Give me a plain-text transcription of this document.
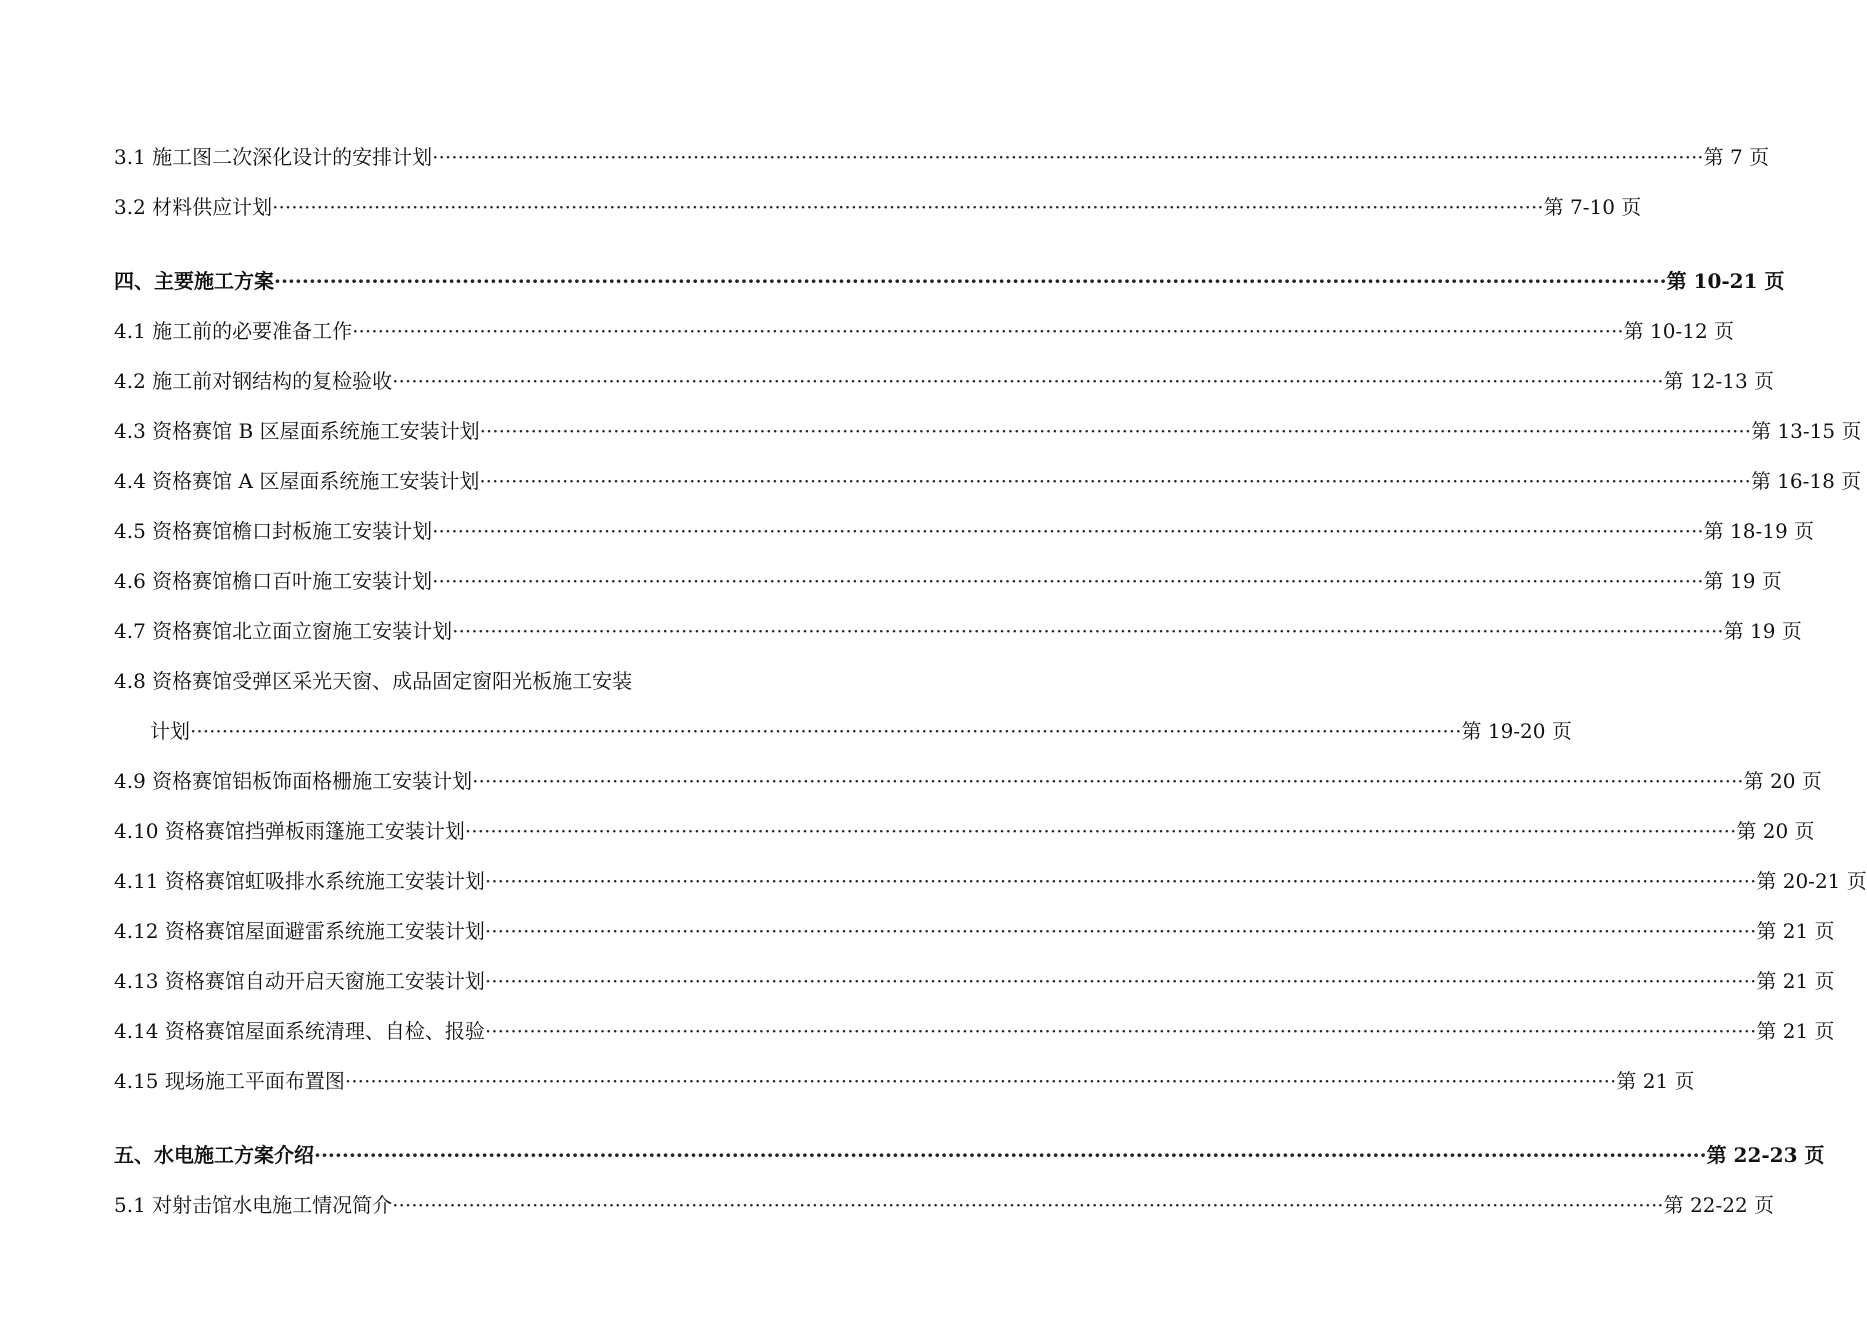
3.1 施工图二次深化设计的安排计划 ········································································································································································································ 第 7 页
3.2 材料供应计划 ········································································································································································································ 第 7-10 页
四、主要施工方案 ········································································································································································································ 第 10-21 页
4.1 施工前的必要准备工作 ········································································································································································································ 第 10-12 页
4.2 施工前对钢结构的复检验收 ········································································································································································································ 第 12-13 页
4.3 资格赛馆 B 区屋面系统施工安装计划 ········································································································································································································ 第 13-15 页
4.4 资格赛馆 A 区屋面系统施工安装计划 ········································································································································································································ 第 16-18 页
4.5 资格赛馆檐口封板施工安装计划 ········································································································································································································ 第 18-19 页
4.6 资格赛馆檐口百叶施工安装计划 ········································································································································································································ 第 19 页
4.7 资格赛馆北立面立窗施工安装计划 ········································································································································································································ 第 19 页
4.8 资格赛馆受弹区采光天窗、成品固定窗阳光板施工安装
计划 ········································································································································································································ 第 19-20 页
4.9 资格赛馆铝板饰面格栅施工安装计划 ········································································································································································································ 第 20 页
4.10 资格赛馆挡弹板雨篷施工安装计划 ········································································································································································································ 第 20 页
4.11 资格赛馆虹吸排水系统施工安装计划 ········································································································································································································ 第 20-21 页
4.12 资格赛馆屋面避雷系统施工安装计划 ········································································································································································································ 第 21 页
4.13 资格赛馆自动开启天窗施工安装计划 ········································································································································································································ 第 21 页
4.14 资格赛馆屋面系统清理、自检、报验 ········································································································································································································ 第 21 页
4.15 现场施工平面布置图 ········································································································································································································ 第 21 页
五、水电施工方案介绍 ········································································································································································································ 第 22-23 页
5.1 对射击馆水电施工情况简介 ········································································································································································································ 第 22-22 页
